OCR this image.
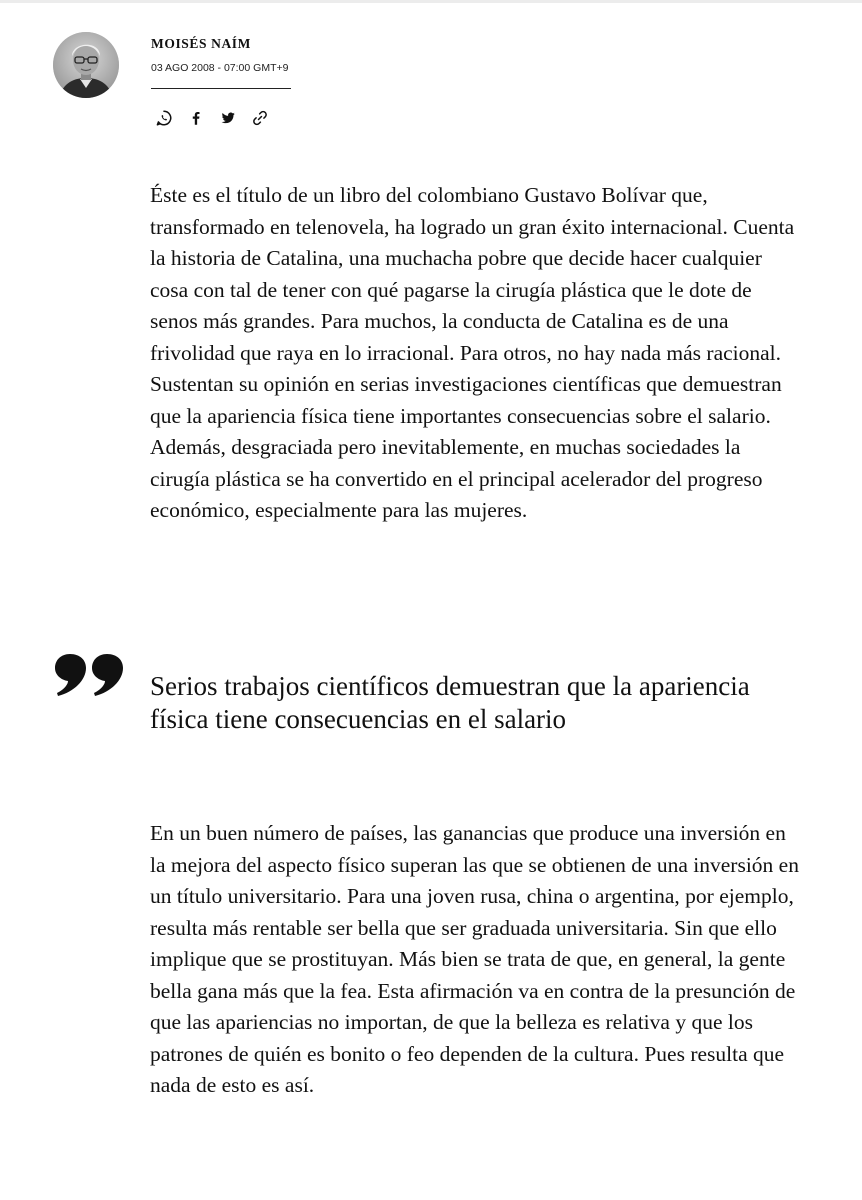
MOISÉS NAÍM
03 AGO 2008 - 07:00 GMT+9

Éste es el título de un libro del colombiano Gustavo Bolívar que, transformado en telenovela, ha logrado un gran éxito internacional. Cuenta la historia de Catalina, una muchacha pobre que decide hacer cualquier cosa con tal de tener con qué pagarse la cirugía plástica que le dote de senos más grandes. Para muchos, la conducta de Catalina es de una frivolidad que raya en lo irracional. Para otros, no hay nada más racional. Sustentan su opinión en serias investigaciones científicas que demuestran que la apariencia física tiene importantes consecuencias sobre el salario. Además, desgraciada pero inevitablemente, en muchas sociedades la cirugía plástica se ha convertido en el principal acelerador del progreso económico, especialmente para las mujeres.

Serios trabajos científicos demuestran que la apariencia física tiene consecuencias en el salario

En un buen número de países, las ganancias que produce una inversión en la mejora del aspecto físico superan las que se obtienen de una inversión en un título universitario. Para una joven rusa, china o argentina, por ejemplo, resulta más rentable ser bella que ser graduada universitaria. Sin que ello implique que se prostituyan. Más bien se trata de que, en general, la gente bella gana más que la fea. Esta afirmación va en contra de la presunción de que las apariencias no importan, de que la belleza es relativa y que los patrones de quién es bonito o feo dependen de la cultura. Pues resulta que nada de esto es así.
